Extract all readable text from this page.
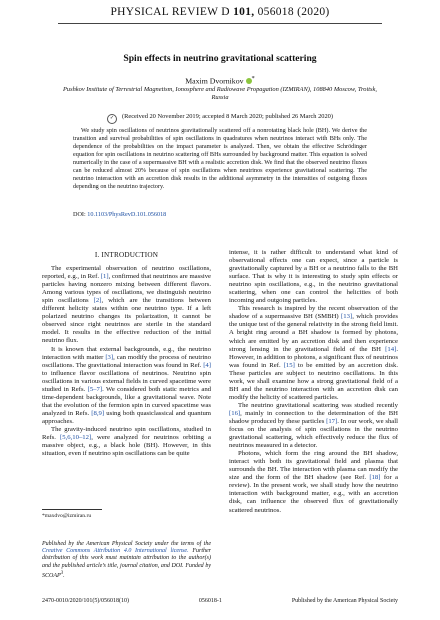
PHYSICAL REVIEW D 101, 056018 (2020)
Spin effects in neutrino gravitational scattering
Maxim Dvornikov *
Pushkov Institute of Terrestrial Magnetism, Ionosphere and Radiowave Propagation (IZMIRAN), 108840 Moscow, Troitsk, Russia
✓ (Received 20 November 2019; accepted 8 March 2020; published 26 March 2020)
We study spin oscillations of neutrinos gravitationally scattered off a nonrotating black hole (BH). We derive the transition and survival probabilities of spin oscillations in quadratures when neutrinos interact with BHs only. The dependence of the probabilities on the impact parameter is analyzed. Then, we obtain the effective Schrödinger equation for spin oscillations in neutrino scattering off BHs surrounded by background matter. This equation is solved numerically in the case of a supermassive BH with a realistic accretion disk. We find that the observed neutrino fluxes can be reduced almost 20% because of spin oscillations when neutrinos experience gravitational scattering. The neutrino interaction with an accretion disk results in the additional asymmetry in the intensities of outgoing fluxes depending on the neutrino trajectory.
DOI: 10.1103/PhysRevD.101.056018
I. INTRODUCTION

The experimental observation of neutrino oscillations, reported, e.g., in Ref. [1], confirmed that neutrinos are massive particles having nonzero mixing between different flavors. Among various types of oscillations, we distinguish neutrino spin oscillations [2], which are the transitions between different helicity states within one neutrino type. If a left polarized neutrino changes its polarization, it cannot be observed since right neutrinos are sterile in the standard model. It results in the effective reduction of the initial neutrino flux.

It is known that external backgrounds, e.g., the neutrino interaction with matter [3], can modify the process of neutrino oscillations. The gravitational interaction was found in Ref. [4] to influence flavor oscillations of neutrinos. Neutrino spin oscillations in various external fields in curved spacetime were studied in Refs. [5–7]. We considered both static metrics and time-dependent backgrounds, like a gravitational wave. Note that the evolution of the fermion spin in curved spacetime was analyzed in Refs. [8,9] using both quasiclassical and quantum approaches.

The gravity-induced neutrino spin oscillations, studied in Refs. [5,6,10–12], were analyzed for neutrinos orbiting a massive object, e.g., a black hole (BH). However, in this situation, even if neutrino spin oscillations can be quite

intense, it is rather difficult to understand what kind of observational effects one can expect, since a particle is gravitationally captured by a BH or a neutrino falls to the BH surface. That is why it is interesting to study spin effects or neutrino spin oscillations, e.g., in the neutrino gravitational scattering, when one can control the helicities of both incoming and outgoing particles.

This research is inspired by the recent observation of the shadow of a supermassive BH (SMBH) [13], which provides the unique test of the general relativity in the strong field limit. A bright ring around a BH shadow is formed by photons, which are emitted by an accretion disk and then experience strong lensing in the gravitational field of the BH [14]. However, in addition to photons, a significant flux of neutrinos was found in Ref. [15] to be emitted by an accretion disk. These particles are subject to neutrino oscillations. In this work, we shall examine how a strong gravitational field of a BH and the neutrino interaction with an accretion disk can modify the helicity of scattered particles.

The neutrino gravitational scattering was studied recently [16], mainly in connection to the determination of the BH shadow produced by these particles [17]. In our work, we shall focus on the analysis of spin oscillations in the neutrino gravitational scattering, which effectively reduce the flux of neutrinos measured in a detector.

Photons, which form the ring around the BH shadow, interact with both its gravitational field and plasma that surrounds the BH. The interaction with plasma can modify the size and the form of the BH shadow (see Ref. [18] for a review). In the present work, we shall study how the neutrino interaction with background matter, e.g., with an accretion disk, can influence the observed flux of gravitationally scattered neutrinos.

*maxdvo@izmiran.ru
Published by the American Physical Society under the terms of the Creative Commons Attribution 4.0 International license. Further distribution of this work must maintain attribution to the author(s) and the published article’s title, journal citation, and DOI. Funded by SCOAP$^3$.
2470-0010/2020/101(5)/056018(10)	056018-1	Published by the American Physical Society
